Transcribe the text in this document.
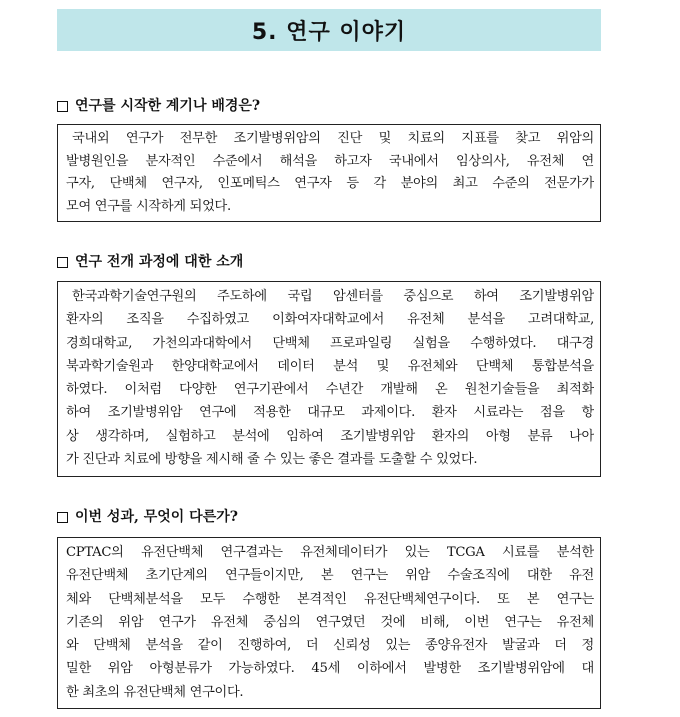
5. 연구 이야기
연구를 시작한 계기나 배경은?
국내외 연구가 전무한 조기발병위암의 진단 및 치료의 지표를 찾고 위암의
발병원인을 분자적인 수준에서 해석을 하고자 국내에서 임상의사, 유전체 연
구자, 단백체 연구자, 인포메틱스 연구자 등 각 분야의 최고 수준의 전문가가
모여 연구를 시작하게 되었다.
연구 전개 과정에 대한 소개
한국과학기술연구원의 주도하에 국립 암센터를 중심으로 하여 조기발병위암
환자의 조직을 수집하였고 이화여자대학교에서 유전체 분석을 고려대학교,
경희대학교, 가천의과대학에서 단백체 프로파일링 실험을 수행하였다. 대구경
북과학기술원과 한양대학교에서 데이터 분석 및 유전체와 단백체 통합분석을
하였다. 이처럼 다양한 연구기관에서 수년간 개발해 온 원천기술들을 최적화
하여 조기발병위암 연구에 적용한 대규모 과제이다. 환자 시료라는 점을 항
상 생각하며, 실험하고 분석에 임하여 조기발병위암 환자의 아형 분류 나아
가 진단과 치료에 방향을 제시해 줄 수 있는 좋은 결과를 도출할 수 있었다.
이번 성과, 무엇이 다른가?
CPTAC의 유전단백체 연구결과는 유전체데이터가 있는 TCGA 시료를 분석한
유전단백체 초기단계의 연구들이지만, 본 연구는 위암 수술조직에 대한 유전
체와 단백체분석을 모두 수행한 본격적인 유전단백체연구이다. 또 본 연구는
기존의 위암 연구가 유전체 중심의 연구였던 것에 비해, 이번 연구는 유전체
와 단백체 분석을 같이 진행하여, 더 신뢰성 있는 종양유전자 발굴과 더 정
밀한 위암 아형분류가 가능하였다. 45세 이하에서 발병한 조기발병위암에 대
한 최초의 유전단백체 연구이다.
